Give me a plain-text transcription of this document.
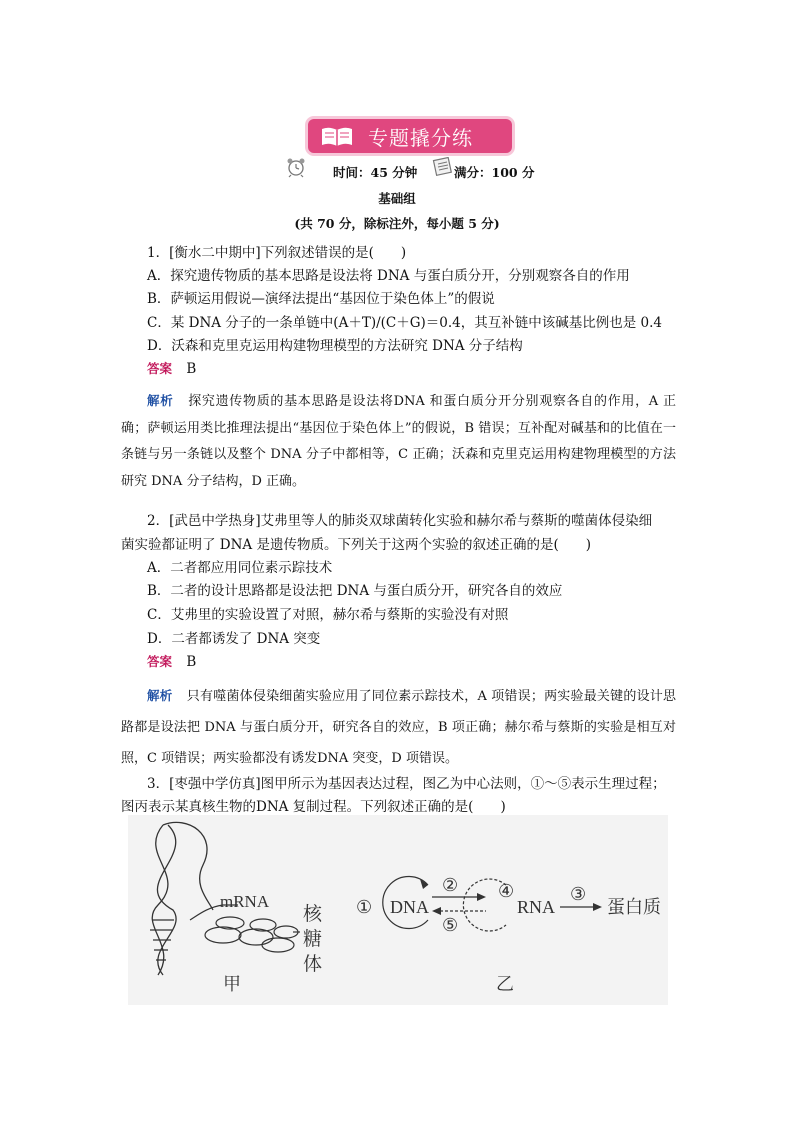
专题撬分练
时间：45 分钟	满分：100 分
基础组
(共 70 分，除标注外，每小题 5 分)
1．[衡水二中期中]下列叙述错误的是(　　)
A．探究遗传物质的基本思路是设法将 DNA 与蛋白质分开，分别观察各自的作用
B．萨顿运用假说—演绎法提出“基因位于染色体上”的假说
C．某 DNA 分子的一条单链中(A＋T)/(C＋G)＝0.4，其互补链中该碱基比例也是 0.4
D．沃森和克里克运用构建物理模型的方法研究 DNA 分子结构
答案 B
解析 探究遗传物质的基本思路是设法将DNA 和蛋白质分开分别观察各自的作用，A 正确；萨顿运用类比推理法提出“基因位于染色体上”的假说，B 错误；互补配对碱基和的比值在一条链与另一条链以及整个 DNA 分子中都相等，C 正确；沃森和克里克运用构建物理模型的方法研究 DNA 分子结构，D 正确。
2．[武邑中学热身]艾弗里等人的肺炎双球菌转化实验和赫尔希与蔡斯的噬菌体侵染细
菌实验都证明了 DNA 是遗传物质。下列关于这两个实验的叙述正确的是(　　)
A．二者都应用同位素示踪技术
B．二者的设计思路都是设法把 DNA 与蛋白质分开，研究各自的效应
C．艾弗里的实验设置了对照，赫尔希与蔡斯的实验没有对照
D．二者都诱发了 DNA 突变
答案 B
解析 只有噬菌体侵染细菌实验应用了同位素示踪技术，A 项错误；两实验最关键的设计思路都是设法把 DNA 与蛋白质分开，研究各自的效应，B 项正确；赫尔希与蔡斯的实验是相互对照，C 项错误；两实验都没有诱发DNA 突变，D 项错误。
3．[枣强中学仿真]图甲所示为基因表达过程，图乙为中心法则，①～⑤表示生理过程；
图丙表示某真核生物的DNA 复制过程。下列叙述正确的是(　　)
mRNA
核
糖
体
甲
① DNA
②
⑤
④
RNA
③
蛋白质
乙
